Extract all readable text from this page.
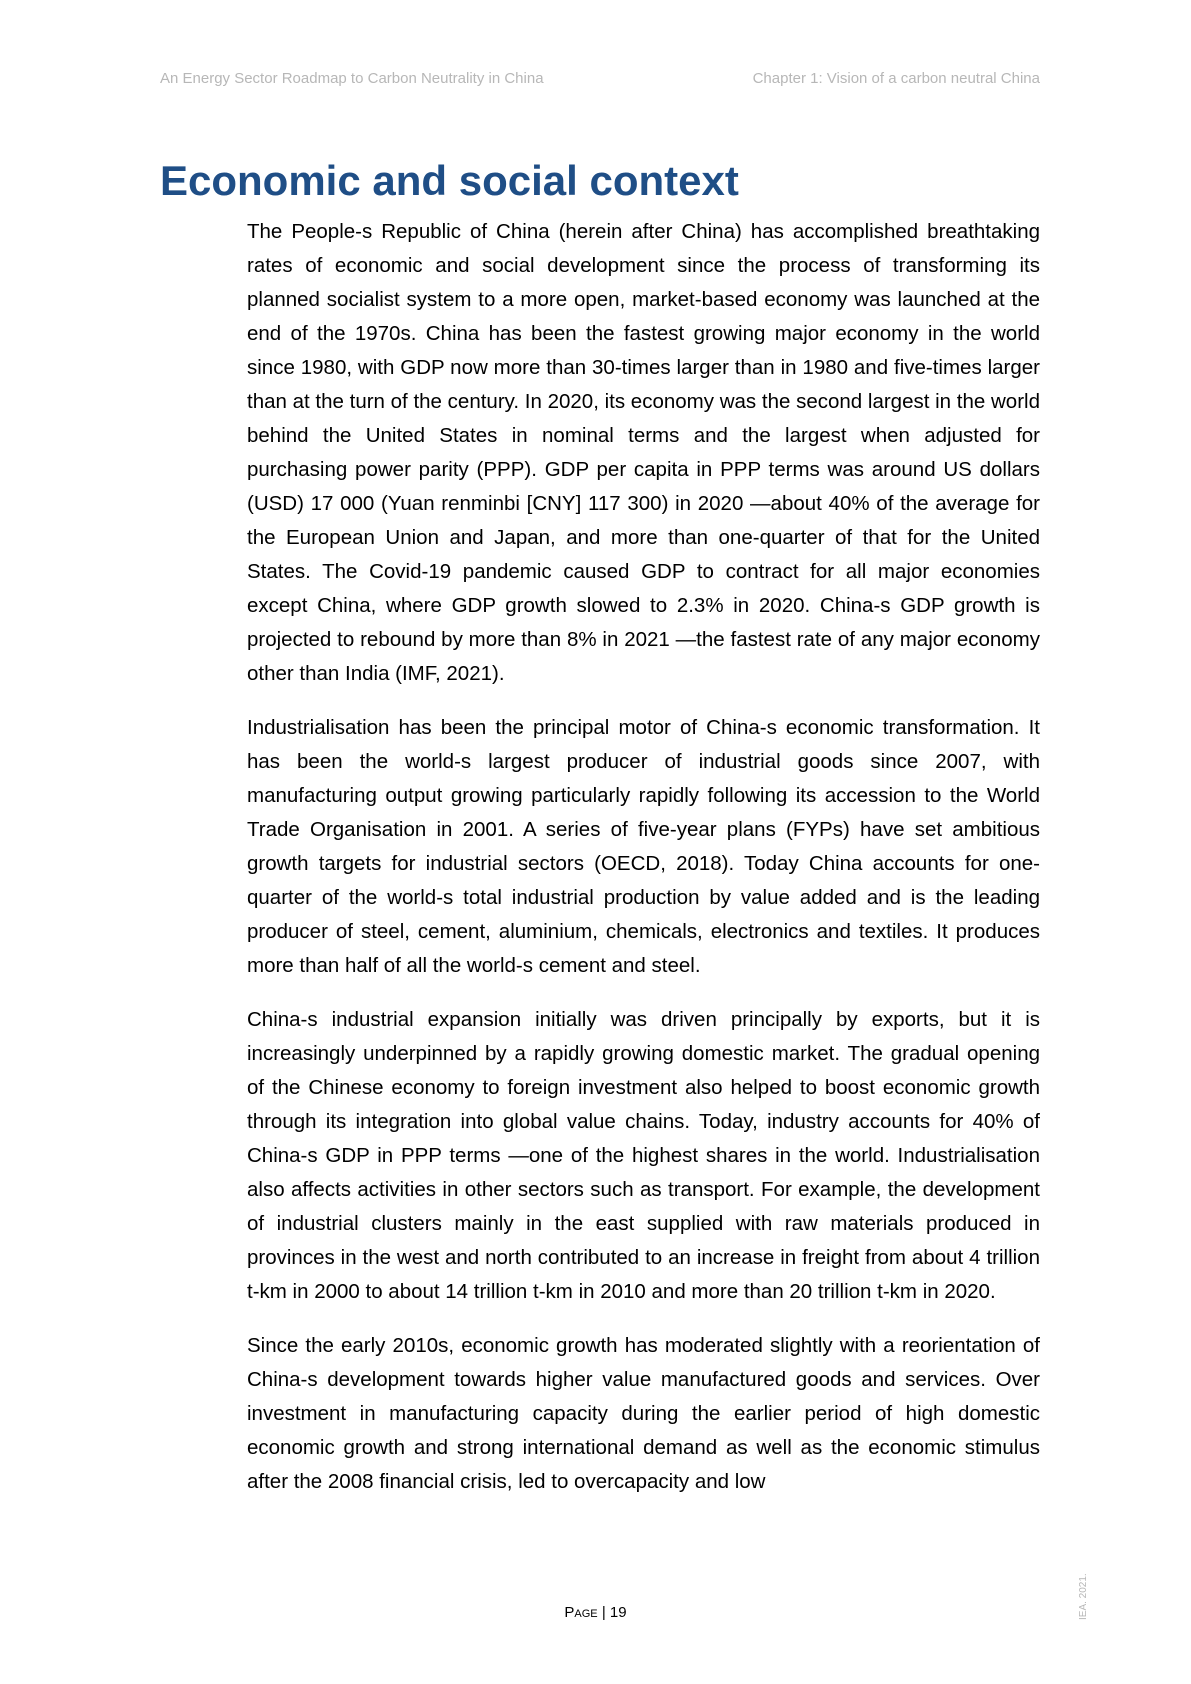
An Energy Sector Roadmap to Carbon Neutrality in China	Chapter 1: Vision of a carbon neutral China
Economic and social context

The People‑s Republic of China (herein after China) has accomplished breathtaking rates of economic and social development since the process of transforming its planned socialist system to a more open, market-based economy was launched at the end of the 1970s. China has been the fastest growing major economy in the world since 1980, with GDP now more than 30-times larger than in 1980 and five-times larger than at the turn of the century. In 2020, its economy was the second largest in the world behind the United States in nominal terms and the largest when adjusted for purchasing power parity (PPP). GDP per capita in PPP terms was around US dollars (USD) 17 000 (Yuan renminbi [CNY] 117 300) in 2020 —about 40% of the average for the European Union and Japan, and more than one-quarter of that for the United States. The Covid-19 pandemic caused GDP to contract for all major economies except China, where GDP growth slowed to 2.3% in 2020. China‑s GDP growth is projected to rebound by more than 8% in 2021 —the fastest rate of any major economy other than India (IMF, 2021).

Industrialisation has been the principal motor of China‑s economic transformation. It has been the world‑s largest producer of industrial goods since 2007, with manufacturing output growing particularly rapidly following its accession to the World Trade Organisation in 2001. A series of five-year plans (FYPs) have set ambitious growth targets for industrial sectors (OECD, 2018). Today China accounts for one-quarter of the world‑s total industrial production by value added and is the leading producer of steel, cement, aluminium, chemicals, electronics and textiles. It produces more than half of all the world‑s cement and steel.

China‑s industrial expansion initially was driven principally by exports, but it is increasingly underpinned by a rapidly growing domestic market. The gradual opening of the Chinese economy to foreign investment also helped to boost economic growth through its integration into global value chains. Today, industry accounts for 40% of China‑s GDP in PPP terms —one of the highest shares in the world. Industrialisation also affects activities in other sectors such as transport. For example, the development of industrial clusters mainly in the east supplied with raw materials produced in provinces in the west and north contributed to an increase in freight from about 4 trillion t-km in 2000 to about 14 trillion t-km in 2010 and more than 20 trillion t-km in 2020.

Since the early 2010s, economic growth has moderated slightly with a reorientation of China‑s development towards higher value manufactured goods and services. Over investment in manufacturing capacity during the earlier period of high domestic economic growth and strong international demand as well as the economic stimulus after the 2008 financial crisis, led to overcapacity and low

Page | 19	IEA. 2021.
